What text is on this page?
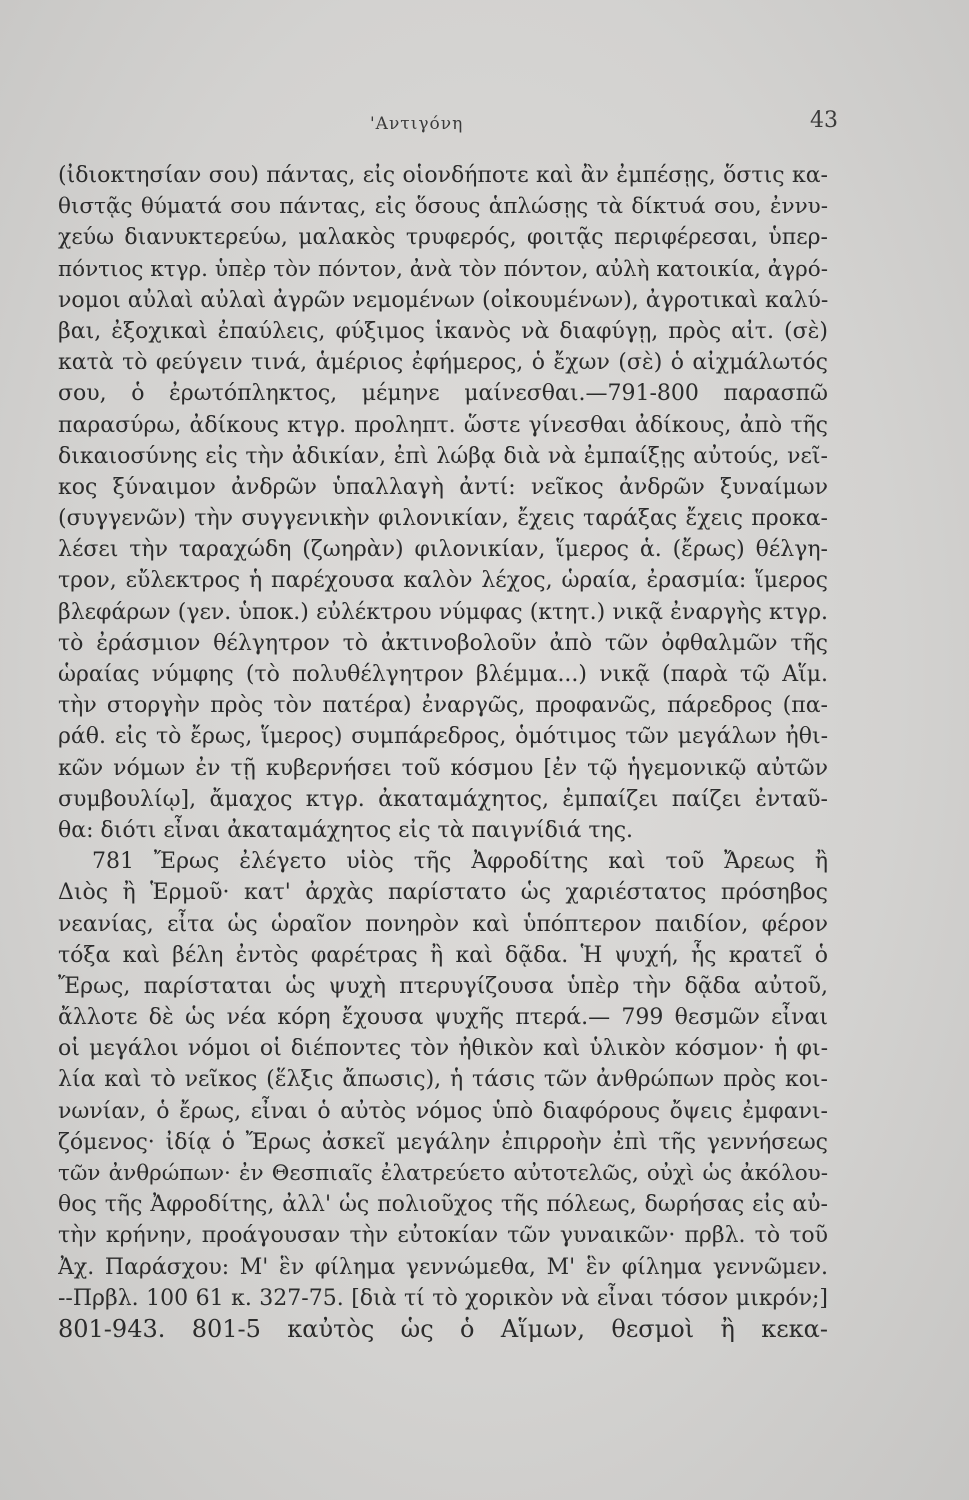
'Αντιγόνη	43
(ἰδιοκτησίαν σου) πάντας, εἰς οἱονδήποτε καὶ ἂν ἐμπέσῃς, ὅστις κα-
θιστᾷς θύματά σου πάντας, εἰς ὅσους ἁπλώσῃς τὰ δίκτυά σου, ἐννυ-
χεύω διανυκτερεύω, μαλακὸς τρυφερός, φοιτᾷς περιφέρεσαι, ὑπερ-
πόντιος κτγρ. ὑπὲρ τὸν πόντον, ἀνὰ τὸν πόντον, αὐλὴ κατοικία, ἀγρό-
νομοι αὐλαὶ αὐλαὶ ἀγρῶν νεμομένων (οἰκουμένων), ἀγροτικαὶ καλύ-
βαι, ἐξοχικαὶ ἐπαύλεις, φύξιμος ἱκανὸς νὰ διαφύγῃ, πρὸς αἰτ. (σὲ)
κατὰ τὸ φεύγειν τινά, ἁμέριος ἐφήμερος, ὁ ἔχων (σὲ) ὁ αἰχμάλωτός
σου, ὁ ἐρωτόπληκτος, μέμηνε μαίνεσθαι.—791-800 παρασπῶ
παρασύρω, ἀδίκους κτγρ. προληπτ. ὥστε γίνεσθαι ἀδίκους, ἀπὸ τῆς
δικαιοσύνης εἰς τὴν ἀδικίαν, ἐπὶ λώβᾳ διὰ νὰ ἐμπαίξῃς αὐτούς, νεῖ-
κος ξύναιμον ἀνδρῶν ὑπαλλαγὴ ἀντί: νεῖκος ἀνδρῶν ξυναίμων
(συγγενῶν) τὴν συγγενικὴν φιλονικίαν, ἔχεις ταράξας ἔχεις προκα-
λέσει τὴν ταραχώδη (ζωηρὰν) φιλονικίαν, ἵμερος ἁ. (ἔρως) θέλγη-
τρον, εὔλεκτρος ἡ παρέχουσα καλὸν λέχος, ὡραία, ἐρασμία: ἵμερος
βλεφάρων (γεν. ὑποκ.) εὐλέκτρου νύμφας (κτητ.) νικᾷ ἐναργὴς κτγρ.
τὸ ἐράσμιον θέλγητρον τὸ ἀκτινοβολοῦν ἀπὸ τῶν ὀφθαλμῶν τῆς
ὡραίας νύμφης (τὸ πολυθέλγητρον βλέμμα...) νικᾷ (παρὰ τῷ Αἵμ.
τὴν στοργὴν πρὸς τὸν πατέρα) ἐναργῶς, προφανῶς, πάρεδρος (πα-
ράθ. εἰς τὸ ἔρως, ἵμερος) συμπάρεδρος, ὁμότιμος τῶν μεγάλων ἠθι-
κῶν νόμων ἐν τῇ κυβερνήσει τοῦ κόσμου [ἐν τῷ ἡγεμονικῷ αὐτῶν
συμβουλίῳ], ἄμαχος κτγρ. ἀκαταμάχητος, ἐμπαίζει παίζει ἐνταῦ-
θα: διότι εἶναι ἀκαταμάχητος εἰς τὰ παιγνίδιά της.
781 Ἔρως ἐλέγετο υἱὸς τῆς Ἀφροδίτης καὶ τοῦ Ἄρεως ἢ
Διὸς ἢ Ἑρμοῦ· κατ' ἀρχὰς παρίστατο ὡς χαριέστατος πρόσηβος
νεανίας, εἶτα ὡς ὡραῖον πονηρὸν καὶ ὑπόπτερον παιδίον, φέρον
τόξα καὶ βέλη ἐντὸς φαρέτρας ἢ καὶ δᾷδα. Ἡ ψυχή, ἧς κρατεῖ ὁ
Ἔρως, παρίσταται ὡς ψυχὴ πτερυγίζουσα ὑπὲρ τὴν δᾷδα αὐτοῦ,
ἄλλοτε δὲ ὡς νέα κόρη ἔχουσα ψυχῆς πτερά.— 799 θεσμῶν εἶναι
οἱ μεγάλοι νόμοι οἱ διέποντες τὸν ἠθικὸν καὶ ὑλικὸν κόσμον· ἡ φι-
λία καὶ τὸ νεῖκος (ἕλξις ἄπωσις), ἡ τάσις τῶν ἀνθρώπων πρὸς κοι-
νωνίαν, ὁ ἔρως, εἶναι ὁ αὐτὸς νόμος ὑπὸ διαφόρους ὄψεις ἐμφανι-
ζόμενος· ἰδίᾳ ὁ Ἔρως ἀσκεῖ μεγάλην ἐπιρροὴν ἐπὶ τῆς γεννήσεως
τῶν ἀνθρώπων· ἐν Θεσπιαῖς ἐλατρεύετο αὐτοτελῶς, οὐχὶ ὡς ἀκόλου-
θος τῆς Ἀφροδίτης, ἀλλ' ὡς πολιοῦχος τῆς πόλεως, δωρήσας εἰς αὐ-
τὴν κρήνην, προάγουσαν τὴν εὐτοκίαν τῶν γυναικῶν· πρβλ. τὸ τοῦ
Ἀχ. Παράσχου: Μ' ἓν φίλημα γεννώμεθα, Μ' ἓν φίλημα γεννῶμεν.
--Πρβλ. 100 61 κ. 327-75. [διὰ τί τὸ χορικὸν νὰ εἶναι τόσον μικρόν;]
801-943. 801-5 καὐτὸς ὡς ὁ Αἵμων, θεσμοὶ ἢ κεκα-
